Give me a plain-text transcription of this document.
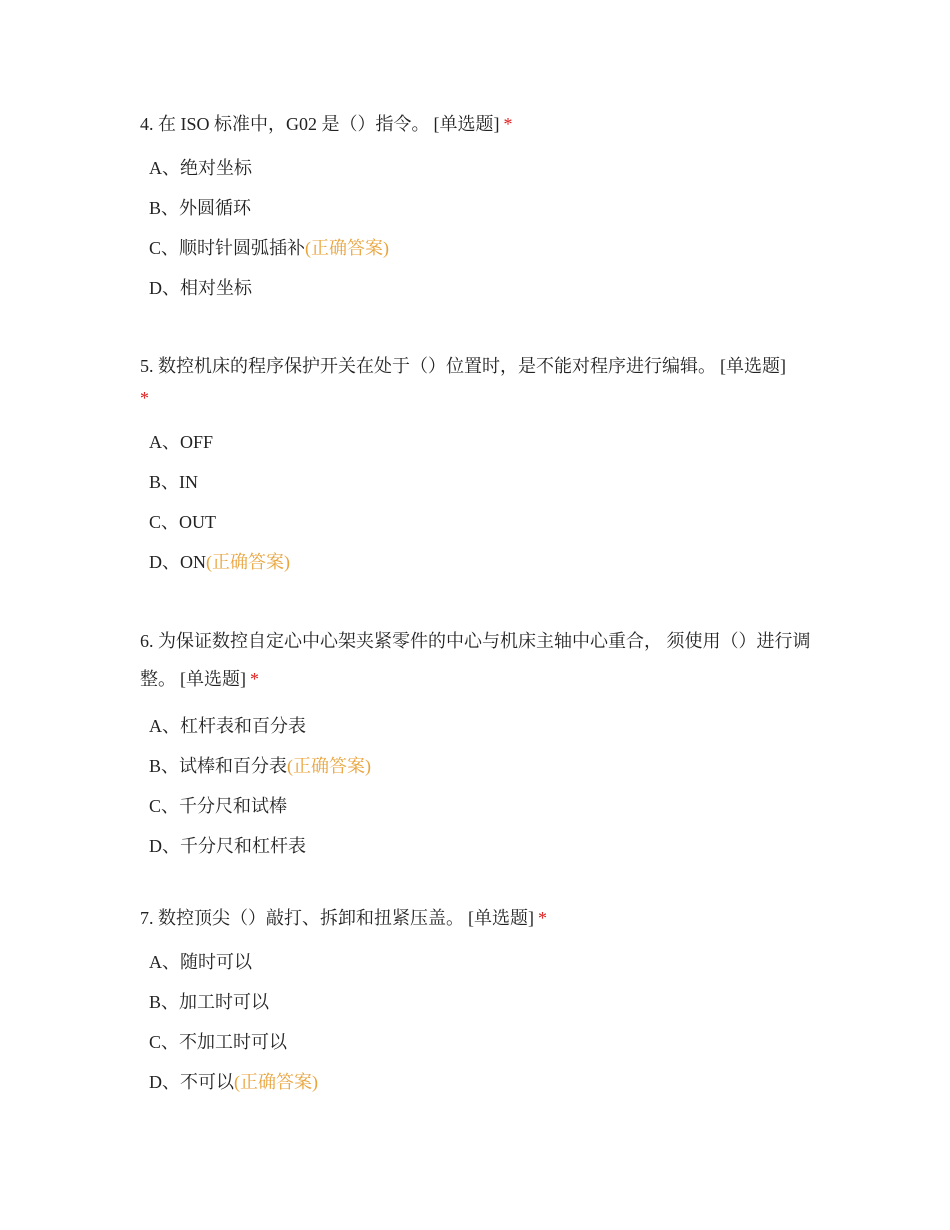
4. 在 ISO 标准中，G02 是（）指令。 [单选题] *

A、绝对坐标
B、外圆循环
C、顺时针圆弧插补 (正确答案)
D、相对坐标

5. 数控机床的程序保护开关在处于（）位置时，是不能对程序进行编辑。 [单选题]
*

A、OFF
B、IN
C、OUT
D、ON (正确答案)

6. 为保证数控自定心中心架夹紧零件的中心与机床主轴中心重合， 须使用（）进行调整。 [单选题] *

A、杠杆表和百分表
B、试棒和百分表 (正确答案)
C、千分尺和试棒
D、千分尺和杠杆表

7. 数控顶尖（）敲打、拆卸和扭紧压盖。 [单选题] *

A、随时可以
B、加工时可以
C、不加工时可以
D、不可以 (正确答案)
